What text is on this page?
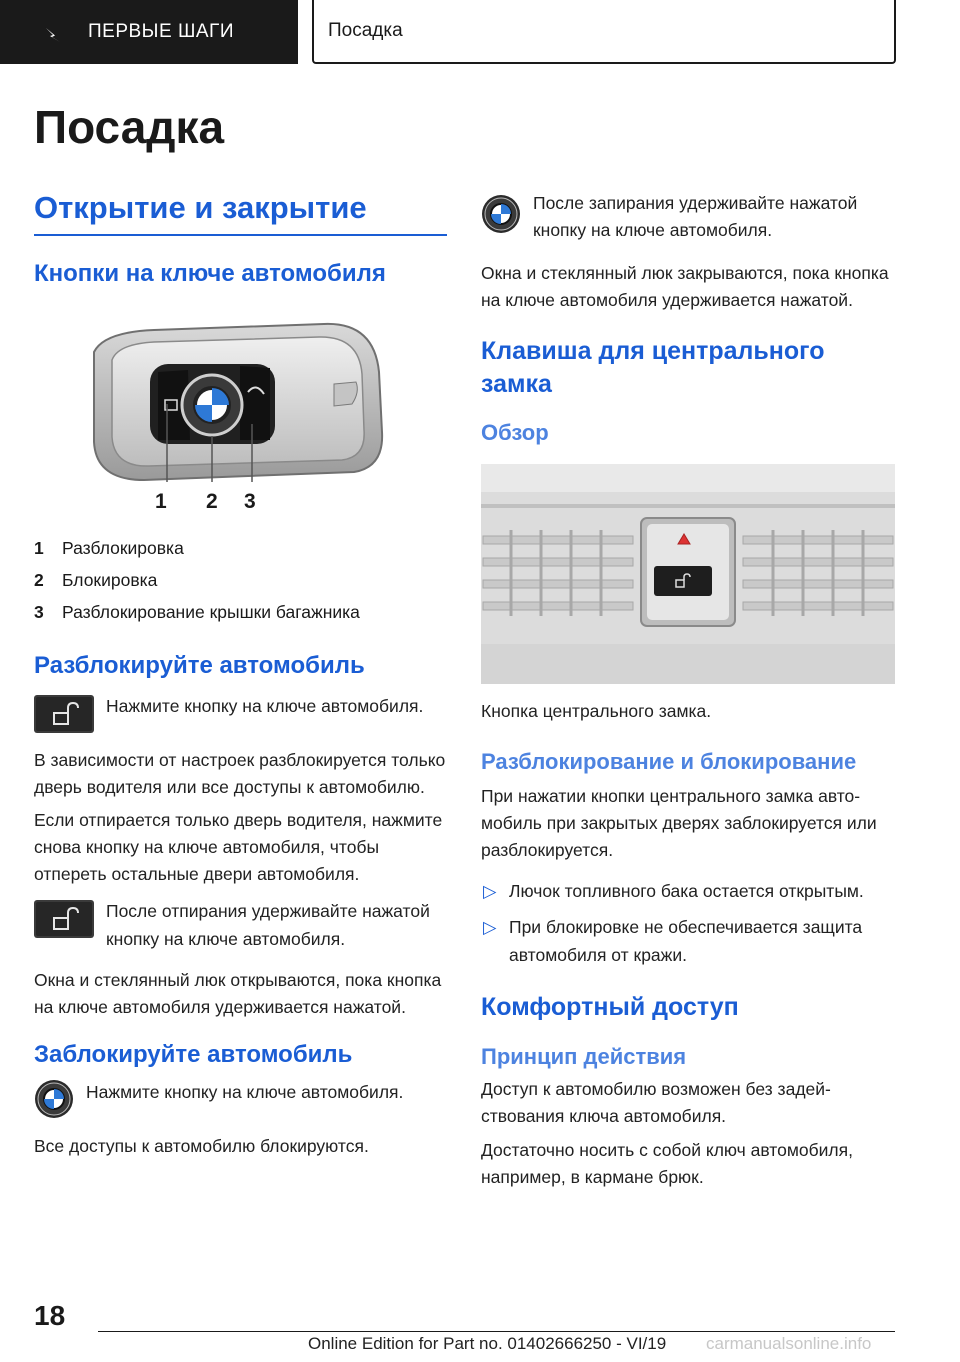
ПЕРВЫЕ ШАГИ	Посадка
Посадка
Открытие и закрытие
Кнопки на ключе автомобиля
1 2 3
1	Разблокировка
2	Блокировка
3	Разблокирование крышки багажника
Разблокируйте автомобиль
Нажмите кнопку на ключе автомобиля.

В зависимости от настроек разблокируется только дверь водителя или все доступы к автомобилю.

Если отпирается только дверь водителя, нажмите снова кнопку на ключе автомобиля, чтобы отпереть остальные двери автомобиля.

После отпирания удерживайте нажатой кнопку на ключе автомобиля.

Окна и стеклянный люк открываются, пока кнопка на ключе автомобиля удерживается нажатой.

Заблокируйте автомобиль
Нажмите кнопку на ключе автомобиля.

Все доступы к автомобилю блокируются.

После запирания удерживайте нажатой кнопку на ключе автомобиля.

Окна и стеклянный люк закрываются, пока кнопка на ключе автомобиля удерживается нажатой.

Клавиша для центрального замка
Обзор

Кнопка центрального замка.

Разблокирование и блокирование

При нажатии кнопки центрального замка автомобиль при закрытых дверях заблокируется или разблокируется.

▷ Лючок топливного бака остается открытым.
▷ При блокировке не обеспечивается защита автомобиля от кражи.
Комфортный доступ
Принцип действия

Доступ к автомобилю возможен без задействования ключа автомобиля.

Достаточно носить с собой ключ автомобиля, например, в кармане брюк.

18
Online Edition for Part no. 01402666250 - VI/19 carmanualsonline.info
